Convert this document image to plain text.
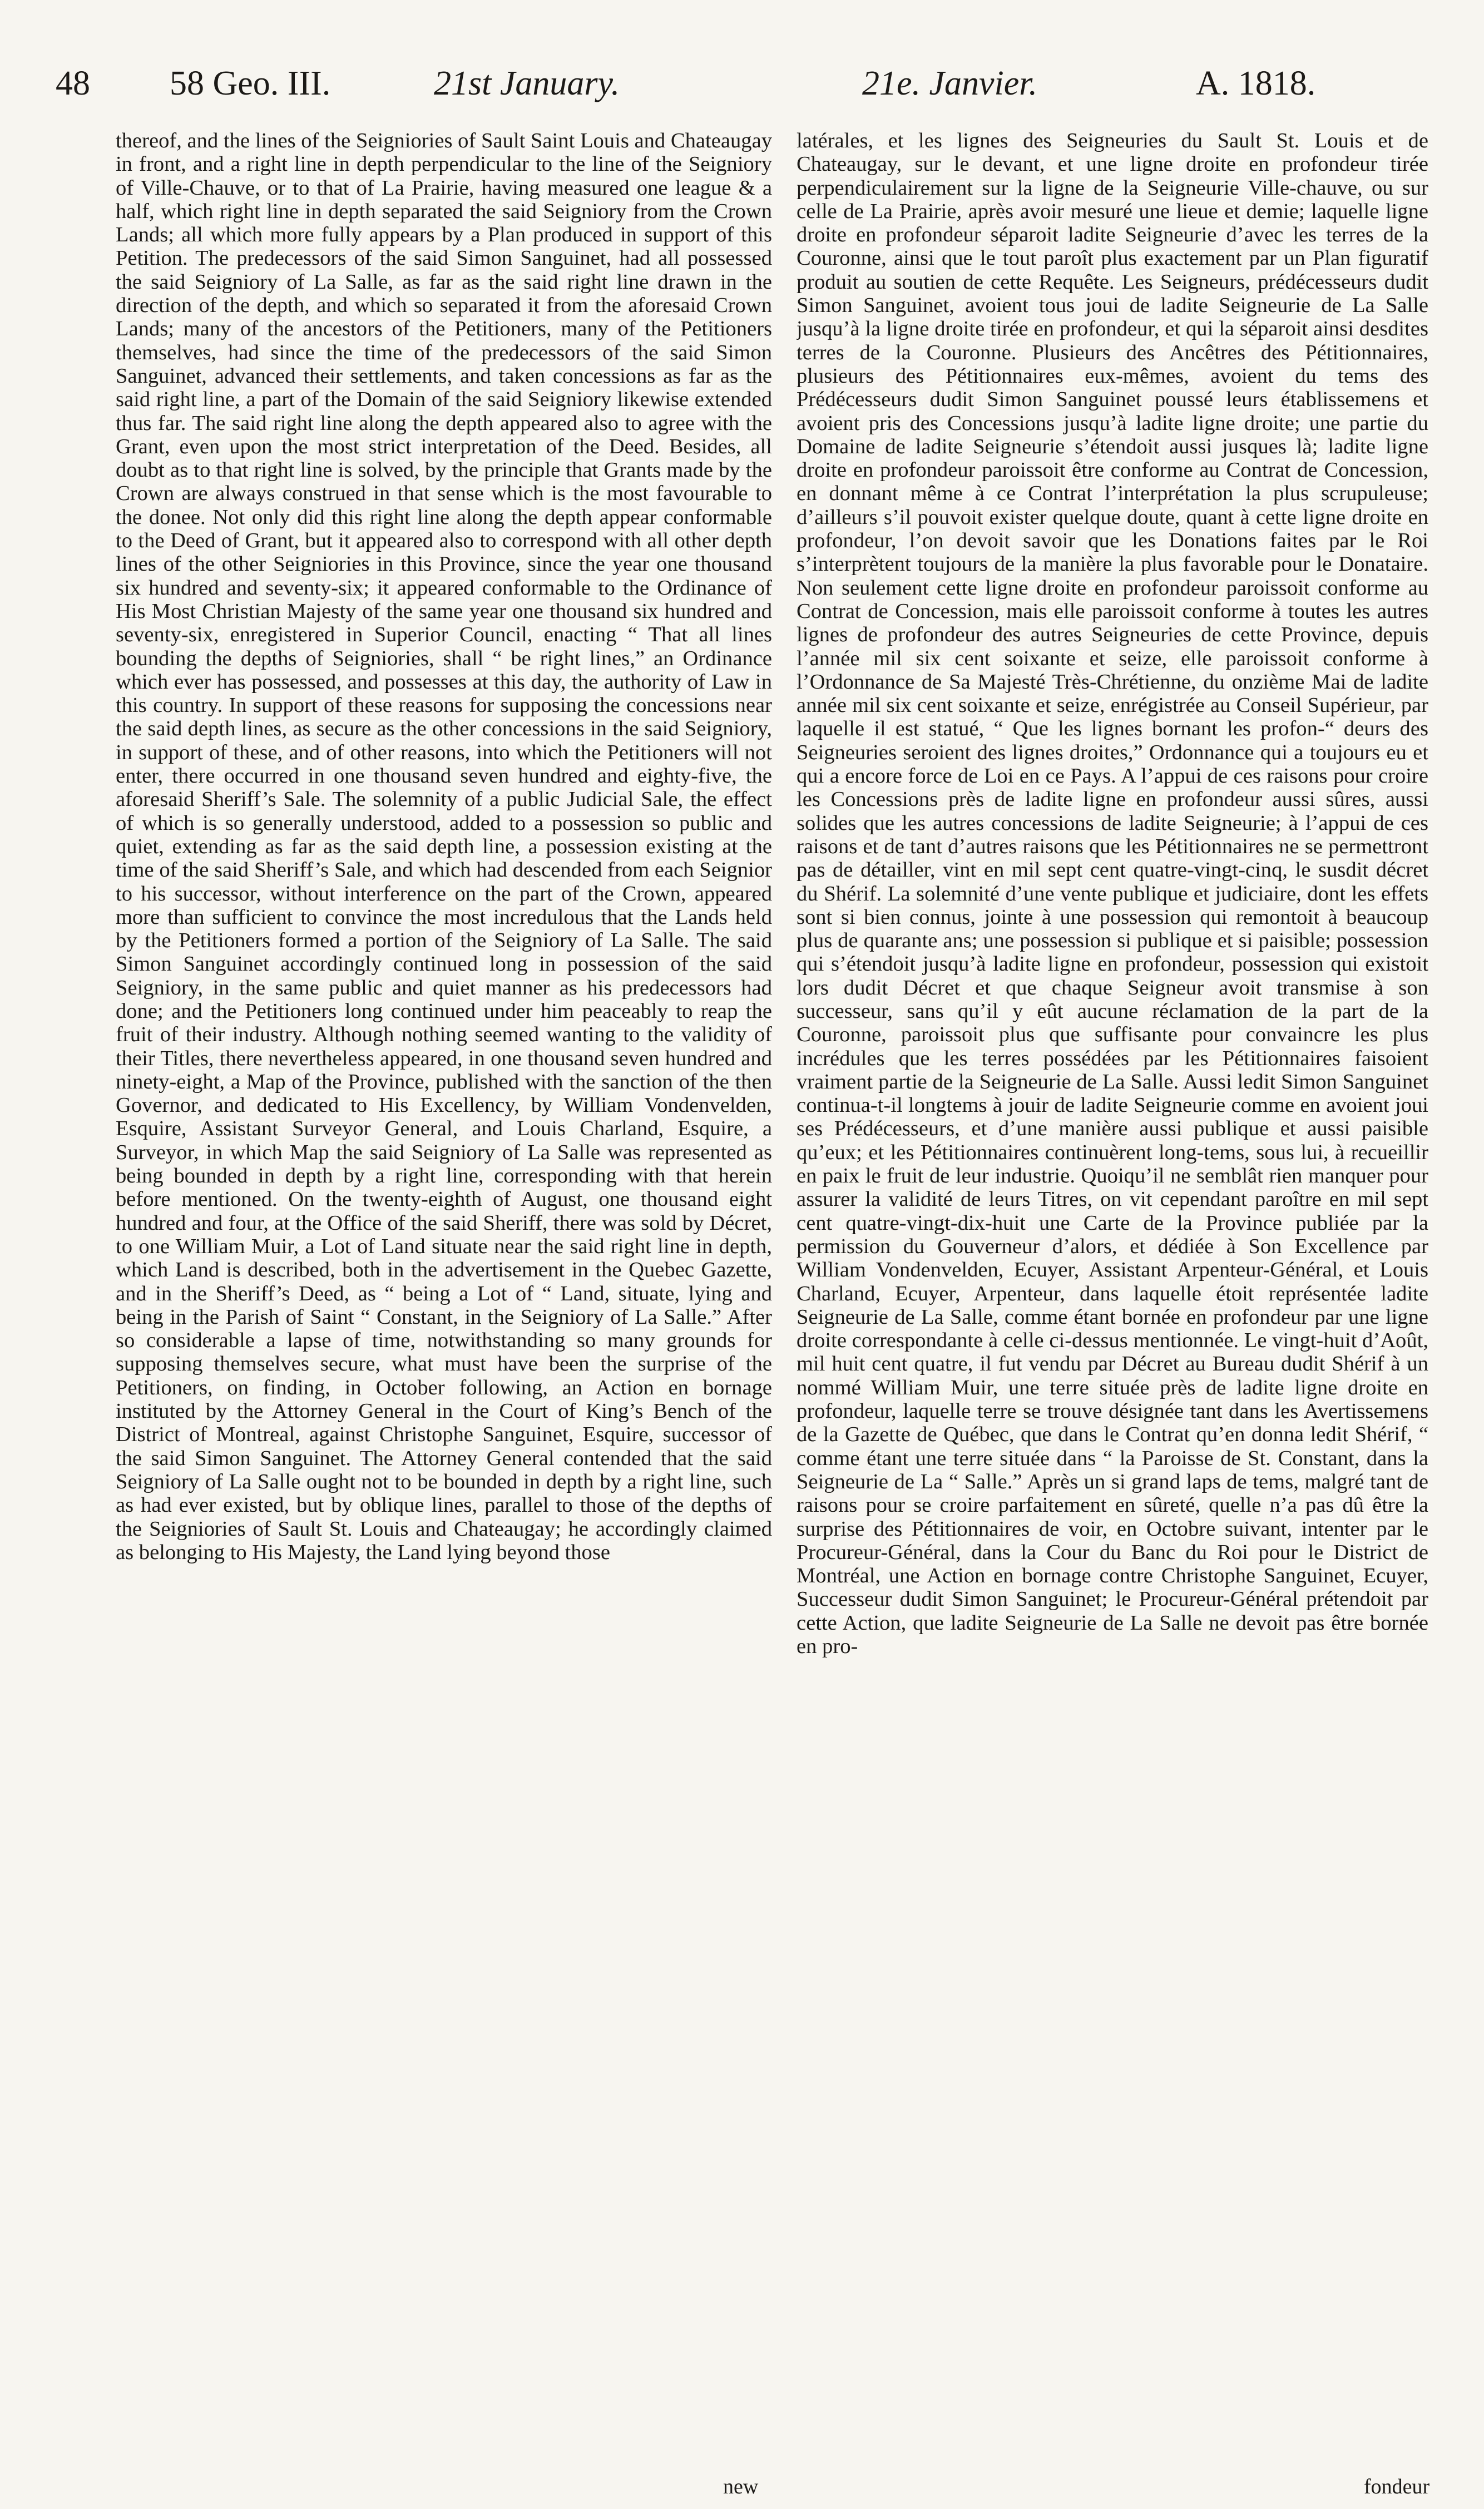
48 58 Geo. III.	21st January.	21e. Janvier.	A. 1818.

thereof, and the lines of the Seigniories of Sault Saint Louis and Chateaugay in front, and a right line in depth perpendicular to the line of the Seigniory of Ville-Chauve, or to that of La Prairie, having measured one league & a half, which right line in depth separated the said Seigniory from the Crown Lands; all which more fully appears by a Plan produced in support of this Petition. The predecessors of the said Simon Sanguinet, had all possessed the said Seigniory of La Salle, as far as the said right line drawn in the direction of the depth, and which so separated it from the aforesaid Crown Lands; many of the ancestors of the Petitioners, many of the Petitioners themselves, had since the time of the predecessors of the said Simon Sanguinet, advanced their settlements, and taken concessions as far as the said right line, a part of the Domain of the said Seigniory likewise extended thus far. The said right line along the depth appeared also to agree with the Grant, even upon the most strict interpretation of the Deed. Besides, all doubt as to that right line is solved, by the principle that Grants made by the Crown are always construed in that sense which is the most favourable to the donee. Not only did this right line along the depth appear conformable to the Deed of Grant, but it appeared also to correspond with all other depth lines of the other Seigniories in this Province, since the year one thousand six hundred and seventy-six; it appeared conformable to the Ordinance of His Most Christian Majesty of the same year one thousand six hundred and seventy-six, enregistered in Superior Council, enacting “ That all lines bounding the depths of Seigniories, shall “ be right lines,” an Ordinance which ever has possessed, and possesses at this day, the authority of Law in this country. In support of these reasons for supposing the concessions near the said depth lines, as secure as the other concessions in the said Seigniory, in support of these, and of other reasons, into which the Petitioners will not enter, there occurred in one thousand seven hundred and eighty-five, the aforesaid Sheriff’s Sale. The solemnity of a public Judicial Sale, the effect of which is so generally understood, added to a possession so public and quiet, extending as far as the said depth line, a possession existing at the time of the said Sheriff’s Sale, and which had descended from each Seignior to his successor, without interference on the part of the Crown, appeared more than sufficient to convince the most incredulous that the Lands held by the Petitioners formed a portion of the Seigniory of La Salle. The said Simon Sanguinet accordingly continued long in possession of the said Seigniory, in the same public and quiet manner as his predecessors had done; and the Petitioners long continued under him peaceably to reap the fruit of their industry. Although nothing seemed wanting to the validity of their Titles, there nevertheless appeared, in one thousand seven hundred and ninety-eight, a Map of the Province, published with the sanction of the then Governor, and dedicated to His Excellency, by William Vondenvelden, Esquire, Assistant Surveyor General, and Louis Charland, Esquire, a Surveyor, in which Map the said Seigniory of La Salle was represented as being bounded in depth by a right line, corresponding with that herein before mentioned. On the twenty-eighth of August, one thousand eight hundred and four, at the Office of the said Sheriff, there was sold by Décret, to one William Muir, a Lot of Land situate near the said right line in depth, which Land is described, both in the advertisement in the Quebec Gazette, and in the Sheriff’s Deed, as “ being a Lot of “ Land, situate, lying and being in the Parish of Saint “ Constant, in the Seigniory of La Salle.” After so considerable a lapse of time, notwithstanding so many grounds for supposing themselves secure, what must have been the surprise of the Petitioners, on finding, in October following, an Action en bornage instituted by the Attorney General in the Court of King’s Bench of the District of Montreal, against Christophe Sanguinet, Esquire, successor of the said Simon Sanguinet. The Attorney General contended that the said Seigniory of La Salle ought not to be bounded in depth by a right line, such as had ever existed, but by oblique lines, parallel to those of the depths of the Seigniories of Sault St. Louis and Chateaugay; he accordingly claimed as belonging to His Majesty, the Land lying beyond those

latérales, et les lignes des Seigneuries du Sault St. Louis et de Chateaugay, sur le devant, et une ligne droite en profondeur tirée perpendiculairement sur la ligne de la Seigneurie Ville-chauve, ou sur celle de La Prairie, après avoir mesuré une lieue et demie; laquelle ligne droite en profondeur séparoit ladite Seigneurie d’avec les terres de la Couronne, ainsi que le tout paroît plus exactement par un Plan figuratif produit au soutien de cette Requête. Les Seigneurs, prédécesseurs dudit Simon Sanguinet, avoient tous joui de ladite Seigneurie de La Salle jusqu’à la ligne droite tirée en profondeur, et qui la séparoit ainsi desdites terres de la Couronne. Plusieurs des Ancêtres des Pétitionnaires, plusieurs des Pétitionnaires eux-mêmes, avoient du tems des Prédécesseurs dudit Simon Sanguinet poussé leurs établissemens et avoient pris des Concessions jusqu’à ladite ligne droite; une partie du Domaine de ladite Seigneurie s’étendoit aussi jusques là; ladite ligne droite en profondeur paroissoit être conforme au Contrat de Concession, en donnant même à ce Contrat l’interprétation la plus scrupuleuse; d’ailleurs s’il pouvoit exister quelque doute, quant à cette ligne droite en profondeur, l’on devoit savoir que les Donations faites par le Roi s’interprètent toujours de la manière la plus favorable pour le Donataire. Non seulement cette ligne droite en profondeur paroissoit conforme au Contrat de Concession, mais elle paroissoit conforme à toutes les autres lignes de profondeur des autres Seigneuries de cette Province, depuis l’année mil six cent soixante et seize, elle paroissoit conforme à l’Ordonnance de Sa Majesté Très-Chrétienne, du onzième Mai de ladite année mil six cent soixante et seize, enrégistrée au Conseil Supérieur, par laquelle il est statué, “ Que les lignes bornant les profon-“ deurs des Seigneuries seroient des lignes droites,” Ordonnance qui a toujours eu et qui a encore force de Loi en ce Pays. A l’appui de ces raisons pour croire les Concessions près de ladite ligne en profondeur aussi sûres, aussi solides que les autres concessions de ladite Seigneurie; à l’appui de ces raisons et de tant d’autres raisons que les Pétitionnaires ne se permettront pas de détailler, vint en mil sept cent quatre-vingt-cinq, le susdit décret du Shérif. La solemnité d’une vente publique et judiciaire, dont les effets sont si bien connus, jointe à une possession qui remontoit à beaucoup plus de quarante ans; une possession si publique et si paisible; possession qui s’étendoit jusqu’à ladite ligne en profondeur, possession qui existoit lors dudit Décret et que chaque Seigneur avoit transmise à son successeur, sans qu’il y eût aucune réclamation de la part de la Couronne, paroissoit plus que suffisante pour convaincre les plus incrédules que les terres possédées par les Pétitionnaires faisoient vraiment partie de la Seigneurie de La Salle. Aussi ledit Simon Sanguinet continua-t-il longtems à jouir de ladite Seigneurie comme en avoient joui ses Prédécesseurs, et d’une manière aussi publique et aussi paisible qu’eux; et les Pétitionnaires continuèrent long-tems, sous lui, à recueillir en paix le fruit de leur industrie. Quoiqu’il ne semblât rien manquer pour assurer la validité de leurs Titres, on vit cependant paroître en mil sept cent quatre-vingt-dix-huit une Carte de la Province publiée par la permission du Gouverneur d’alors, et dédiée à Son Excellence par William Vondenvelden, Ecuyer, Assistant Arpenteur-Général, et Louis Charland, Ecuyer, Arpenteur, dans laquelle étoit représentée ladite Seigneurie de La Salle, comme étant bornée en profondeur par une ligne droite correspondante à celle ci-dessus mentionnée. Le vingt-huit d’Août, mil huit cent quatre, il fut vendu par Décret au Bureau dudit Shérif à un nommé William Muir, une terre située près de ladite ligne droite en profondeur, laquelle terre se trouve désignée tant dans les Avertissemens de la Gazette de Québec, que dans le Contrat qu’en donna ledit Shérif, “ comme étant une terre située dans “ la Paroisse de St. Constant, dans la Seigneurie de La “ Salle.” Après un si grand laps de tems, malgré tant de raisons pour se croire parfaitement en sûreté, quelle n’a pas dû être la surprise des Pétitionnaires de voir, en Octobre suivant, intenter par le Procureur-Général, dans la Cour du Banc du Roi pour le District de Montréal, une Action en bornage contre Christophe Sanguinet, Ecuyer, Successeur dudit Simon Sanguinet; le Procureur-Général prétendoit par cette Action, que ladite Seigneurie de La Salle ne devoit pas être bornée en pro-

new	fondeur
